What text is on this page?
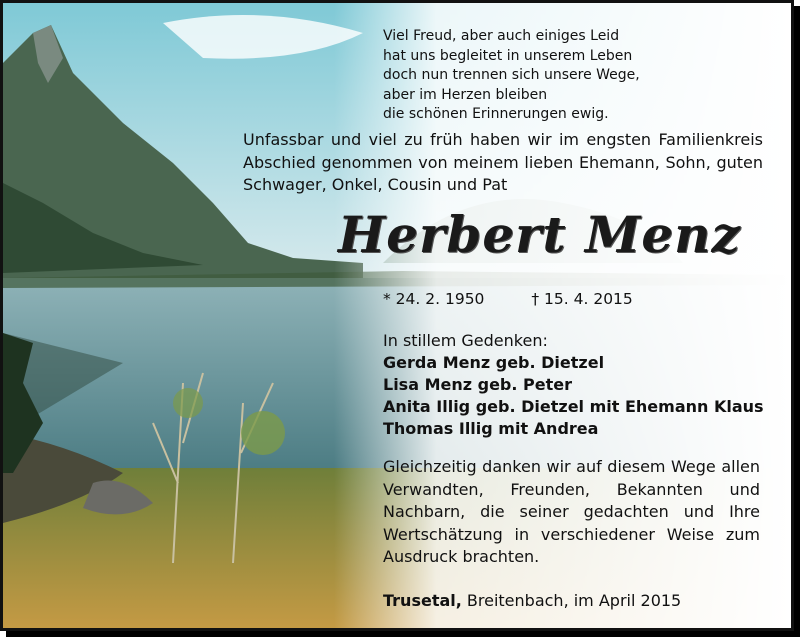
Viel Freud, aber auch einiges Leid
hat uns begleitet in unserem Leben
doch nun trennen sich unsere Wege,
aber im Herzen bleiben
die schönen Erinnerungen ewig.
Unfassbar und viel zu früh haben wir im engsten Familienkreis Abschied genommen von meinem lieben Ehemann, Sohn, guten Schwager, Onkel, Cousin und Pat
Herbert Menz
* 24. 2. 1950	† 15. 4. 2015
In stillem Gedenken:
Gerda Menz geb. Dietzel
Lisa Menz geb. Peter
Anita Illig geb. Dietzel mit Ehemann Klaus
Thomas Illig mit Andrea
Gleichzeitig danken wir auf diesem Wege allen Verwandten, Freunden, Bekannten und Nachbarn, die seiner gedachten und Ihre Wertschätzung in verschiedener Weise zum Ausdruck brachten.
Trusetal, Breitenbach, im April 2015
